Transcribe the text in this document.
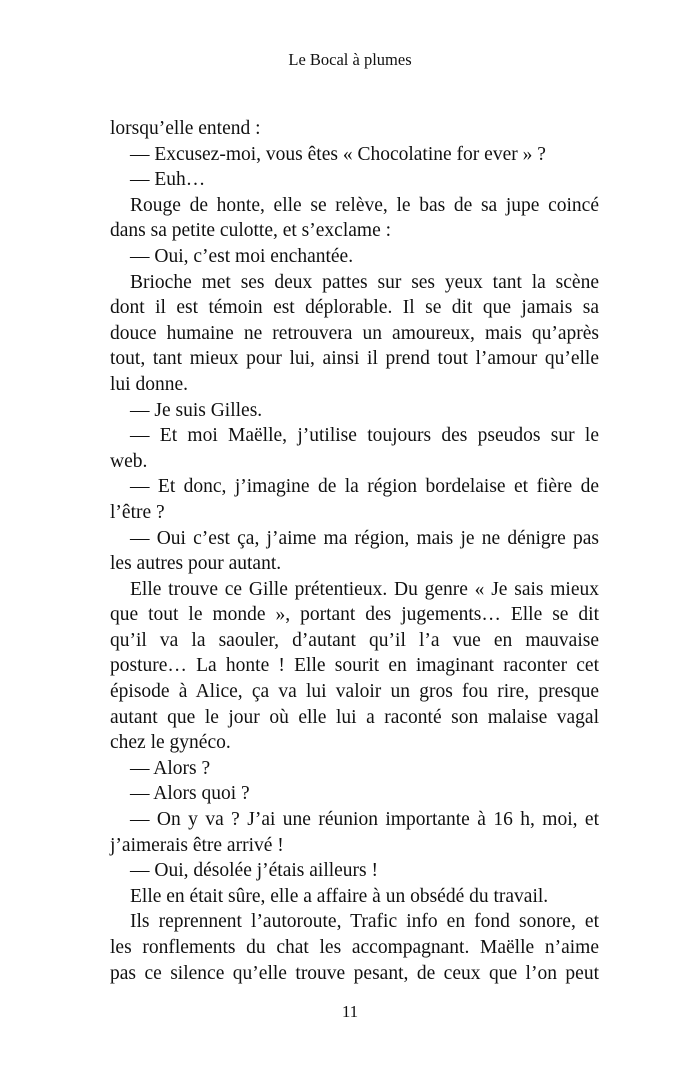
Le Bocal à plumes
lorsqu’elle entend :
— Excusez-moi, vous êtes « Chocolatine for ever » ?
— Euh…
Rouge de honte, elle se relève, le bas de sa jupe coincé
dans sa petite culotte, et s’exclame :
— Oui, c’est moi enchantée.
Brioche met ses deux pattes sur ses yeux tant la scène
dont il est témoin est déplorable. Il se dit que jamais sa
douce humaine ne retrouvera un amoureux, mais qu’après
tout, tant mieux pour lui, ainsi il prend tout l’amour qu’elle
lui donne.
— Je suis Gilles.
— Et moi Maëlle, j’utilise toujours des pseudos sur le
web.
— Et donc, j’imagine de la région bordelaise et fière de
l’être ?
— Oui c’est ça, j’aime ma région, mais je ne dénigre pas
les autres pour autant.
Elle trouve ce Gille prétentieux. Du genre « Je sais mieux
que tout le monde », portant des jugements… Elle se dit
qu’il va la saouler, d’autant qu’il l’a vue en mauvaise
posture… La honte ! Elle sourit en imaginant raconter cet
épisode à Alice, ça va lui valoir un gros fou rire, presque
autant que le jour où elle lui a raconté son malaise vagal
chez le gynéco.
— Alors ?
— Alors quoi ?
— On y va ? J’ai une réunion importante à 16 h, moi, et
j’aimerais être arrivé !
— Oui, désolée j’étais ailleurs !
Elle en était sûre, elle a affaire à un obsédé du travail.
Ils reprennent l’autoroute, Trafic info en fond sonore, et
les ronflements du chat les accompagnant. Maëlle n’aime
pas ce silence qu’elle trouve pesant, de ceux que l’on peut
11
